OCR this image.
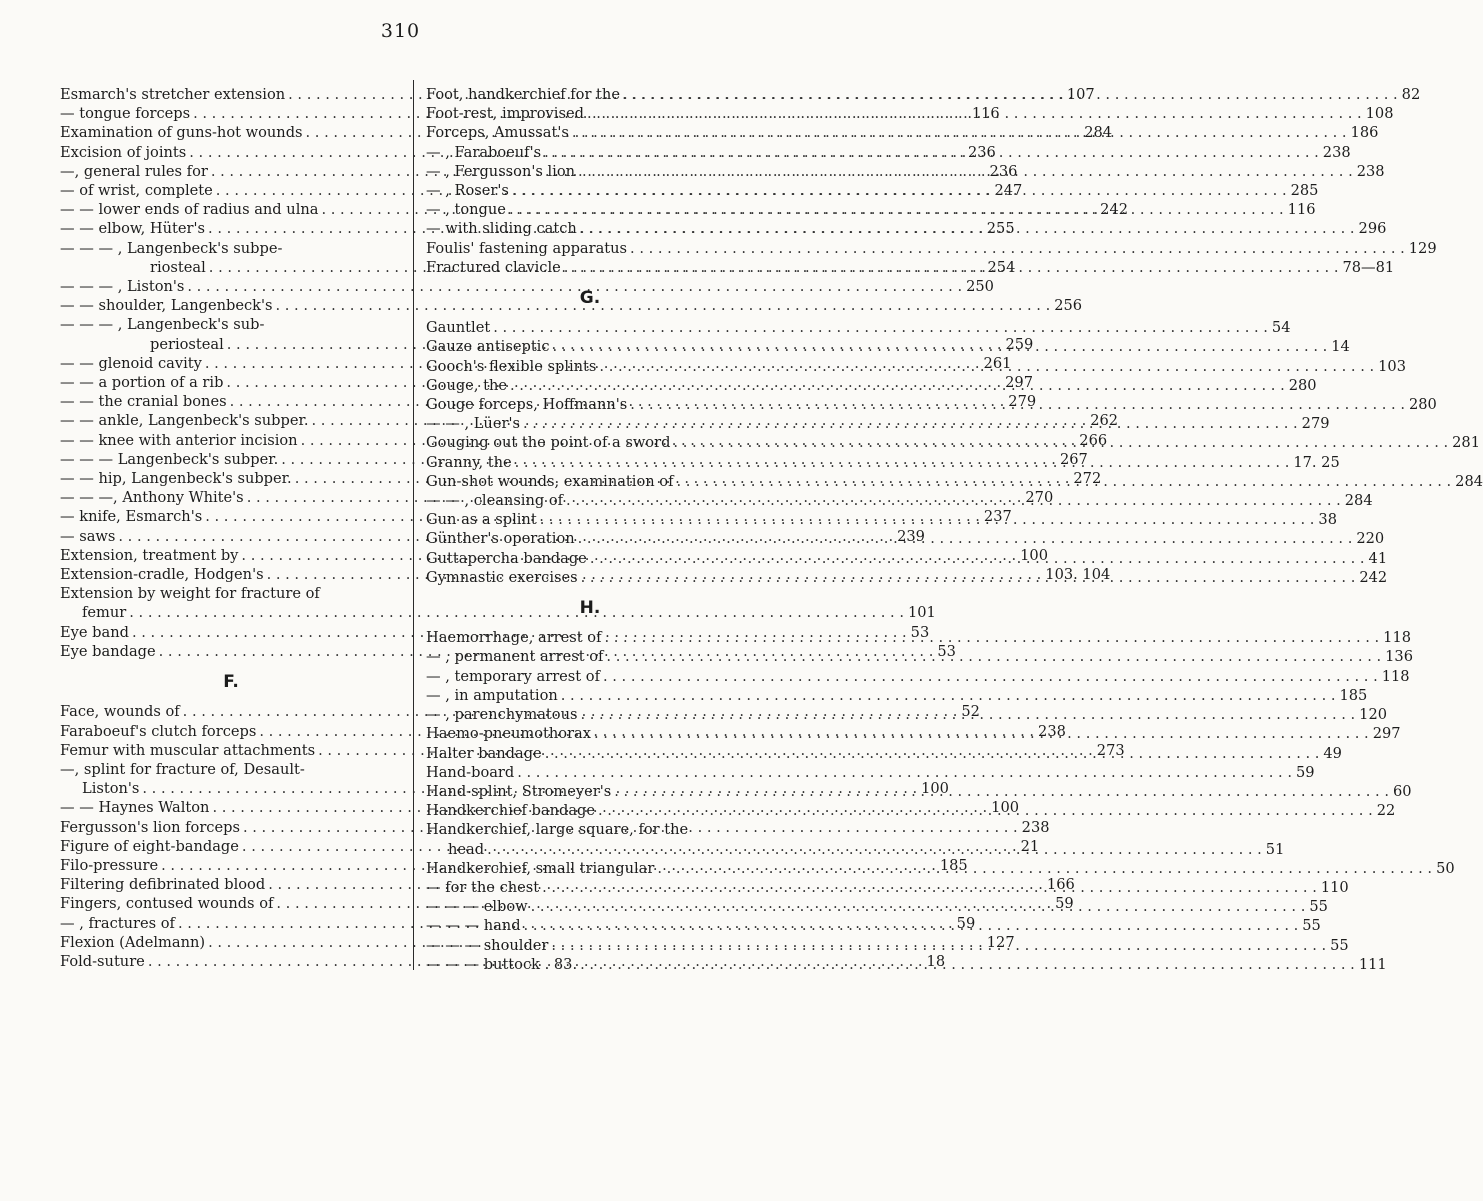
310
Esmarch's stretcher extension . . .	107
— tongue forceps . . .	116
Examination of guns-hot wounds . . .	284
Excision of joints . . .	236
—, general rules for . . .	236
— of wrist, complete . . .	247
— — lower ends of radius and ulna . . .	242
— — elbow, Hüter's . . .	255
— — — , Langenbeck's subpe-
riosteal . . .	254
— — — , Liston's . . .	250
— — shoulder, Langenbeck's . . .	256
— — — , Langenbeck's sub-
periosteal . . .	259
— — glenoid cavity . . .	261
— — a portion of a rib . . .	297
— — the cranial bones . . .	279
— — ankle, Langenbeck's subper. . . .	262
— — knee with anterior incision . . .	266
— — — Langenbeck's subper. . . .	267
— — hip, Langenbeck's subper. . . .	272
— — —, Anthony White's . . .	270
— knife, Esmarch's . . .	237
— saws . . .	239
Extension, treatment by . . .	100
Extension-cradle, Hodgen's . . .	103. 104
Extension by weight for fracture of
femur . . .	101
Eye band . . .	53
Eye bandage . . .	53
F.
Face, wounds of . . .	52
Faraboeuf's clutch forceps . . .	238
Femur with muscular attachments . . .	273
—, splint for fracture of, Desault-
Liston's . . .	100
— — Haynes Walton . . .	100
Fergusson's lion forceps . . .	238
Figure of eight-bandage . . .	21
Filo-pressure . . .	185
Filtering defibrinated blood . . .	166
Fingers, contused wounds of . . .	59
— , fractures of . . .	59
Flexion (Adelmann) . . .	127
Fold-suture . . .	18
Foot, handkerchief for the . . .	82
Foot-rest, improvised . . .	108
Forceps, Amussat's . . .	186
— , Faraboeuf's . . .	238
— , Fergusson's lion . . .	238
— , Roser's . . .	285
— , tongue . . .	116
— with sliding catch . . .	296
Foulis' fastening apparatus . . .	129
Fractured clavicle . . .	78—81
G.
Gauntlet . . .	54
Gauze antiseptic . . .	14
Gooch's flexible splints . . .	103
Gouge, the . . .	280
Gouge forceps, Hoffmann's . . .	280
— — , Lüer's . . .	279
Gouging out the point of a sword . . .	281
Granny, the . . .	17. 25
Gun-shot wounds, examination of . . .	284
— — , cleansing of . . .	284
Gun as a splint . . .	38
Günther's operation . . .	220
Guttapercha bandage . . .	41
Gymnastic exercises . . .	242
H.
Haemorrhage, arrest of . . .	118
— , permanent arrest of . . .	136
— , temporary arrest of . . .	118
— , in amputation . . .	185
— , parenchymatous . . .	120
Haemo-pneumothorax . . .	297
Halter bandage . . .	49
Hand-board . . .	59
Hand-splint, Stromeyer's . . .	60
Handkerchief bandage . . .	22
Handkerchief, large square, for the
head . . .	51
Handkerchief, small triangular . . .	50
— for the chest . . .	110
— — — elbow . . .	55
— — — hand . . .	55
— — — shoulder . . .	55
— — — buttock . 83. . . .	111
